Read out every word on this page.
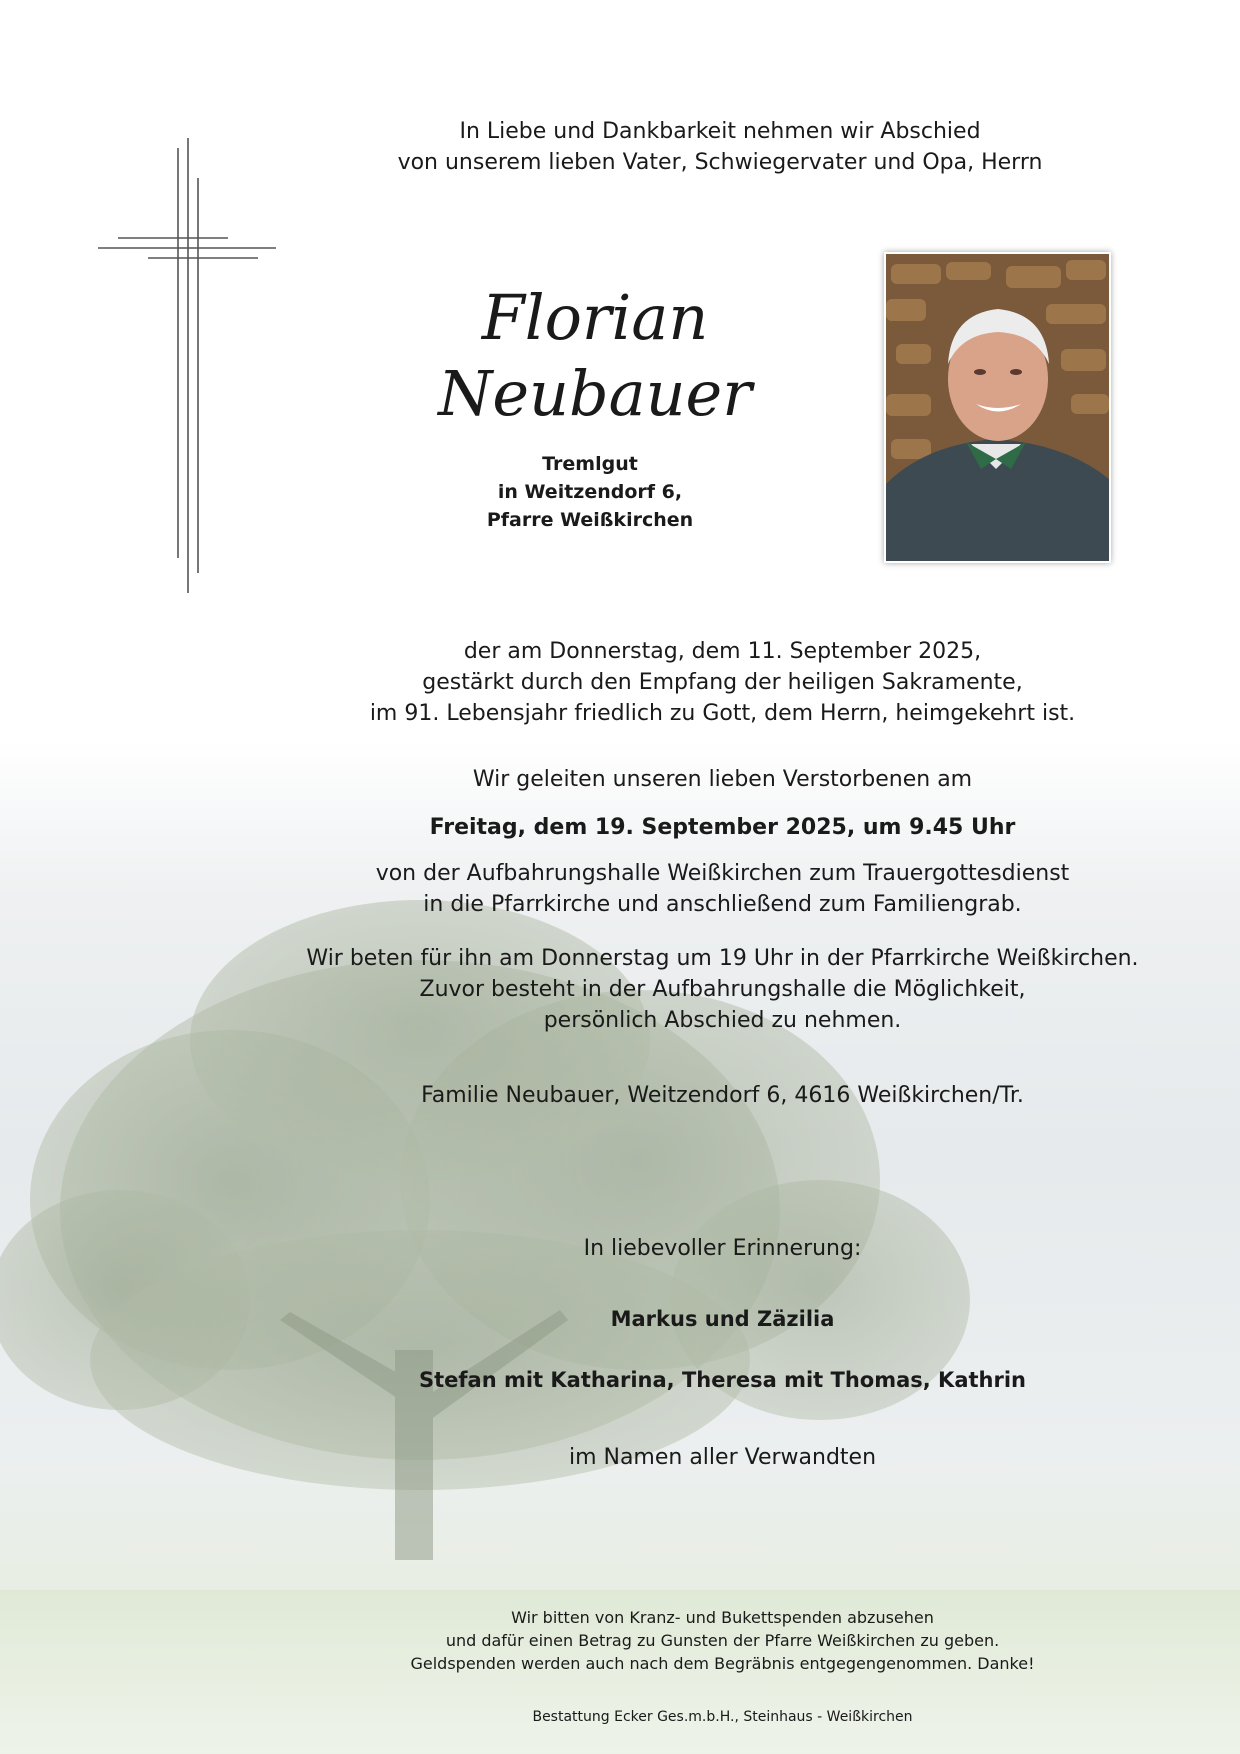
In Liebe und Dankbarkeit nehmen wir Abschied
von unserem lieben Vater, Schwiegervater und Opa, Herrn
Florian
Neubauer
Tremlgut
in Weitzendorf 6,
Pfarre Weißkirchen
der am Donnerstag, dem 11. September 2025,
gestärkt durch den Empfang der heiligen Sakramente,
im 91. Lebensjahr friedlich zu Gott, dem Herrn, heimgekehrt ist.
Wir geleiten unseren lieben Verstorbenen am
Freitag, dem 19. September 2025, um 9.45 Uhr
von der Aufbahrungshalle Weißkirchen zum Trauergottesdienst
in die Pfarrkirche und anschließend zum Familiengrab.
Wir beten für ihn am Donnerstag um 19 Uhr in der Pfarrkirche Weißkirchen.
Zuvor besteht in der Aufbahrungshalle die Möglichkeit,
persönlich Abschied zu nehmen.
Familie Neubauer, Weitzendorf 6, 4616 Weißkirchen/Tr.
In liebevoller Erinnerung:
Markus und Zäzilia
Stefan mit Katharina, Theresa mit Thomas, Kathrin
im Namen aller Verwandten
Wir bitten von Kranz- und Bukettspenden abzusehen
und dafür einen Betrag zu Gunsten der Pfarre Weißkirchen zu geben.
Geldspenden werden auch nach dem Begräbnis entgegengenommen. Danke!
Bestattung Ecker Ges.m.b.H., Steinhaus - Weißkirchen
